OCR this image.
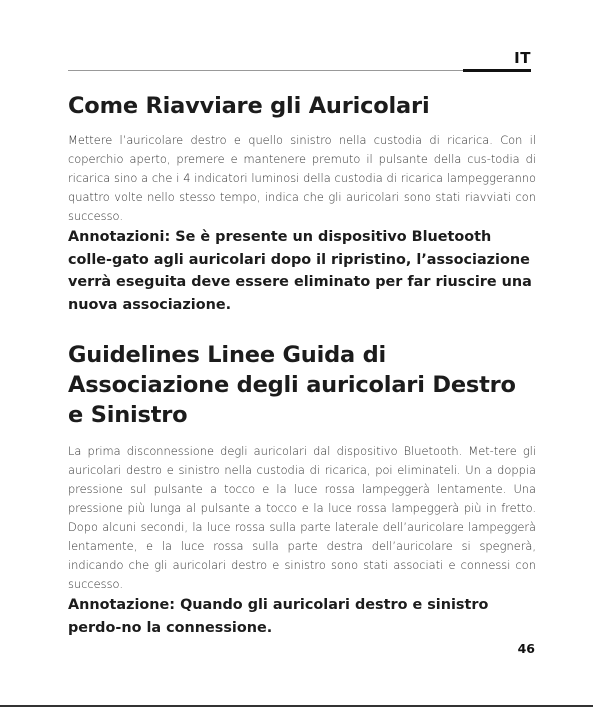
IT
Come Riavviare gli Auricolari

Mettere l’auricolare destro e quello sinistro nella custodia di ricarica. Con il coperchio aperto, premere e mantenere premuto il pulsante della cus-todia di ricarica sino a che i 4 indicatori luminosi della custodia di ricarica lampeggeranno quattro volte nello stesso tempo, indica che gli auricolari sono stati riavviati con successo.

Annotazioni: Se è presente un dispositivo Bluetooth colle-gato agli auricolari dopo il ripristino, l’associazione verrà eseguita deve essere eliminato per far riuscire una nuova associazione.

Guidelines Linee Guida di Associazione degli auricolari Destro e Sinistro

La prima disconnessione degli auricolari dal dispositivo Bluetooth. Met-tere gli auricolari destro e sinistro nella custodia di ricarica, poi eliminateli. Un a doppia pressione sul pulsante a tocco e la luce rossa lampeggerà lentamente. Una pressione più lunga al pulsante a tocco e la luce rossa lampeggerà più in fretto. Dopo alcuni secondi, la luce rossa sulla parte laterale dell’auricolare lampeggerà lentamente, e la luce rossa sulla parte destra dell’auricolare si spegnerà, indicando che gli auricolari destro e sinistro sono stati associati e connessi con successo.

Annotazione: Quando gli auricolari destro e sinistro perdo-no la connessione.

46
